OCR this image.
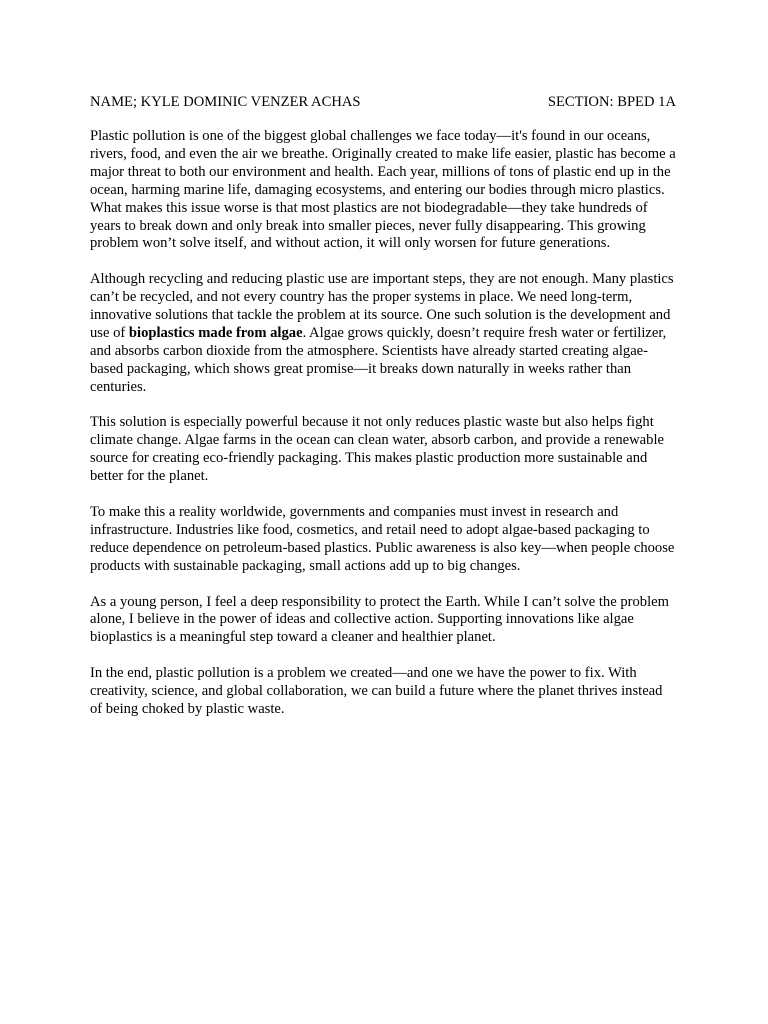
NAME; KYLE DOMINIC VENZER ACHAS	SECTION: BPED 1A

Plastic pollution is one of the biggest global challenges we face today—it's found in our oceans, rivers, food, and even the air we breathe. Originally created to make life easier, plastic has become a major threat to both our environment and health. Each year, millions of tons of plastic end up in the ocean, harming marine life, damaging ecosystems, and entering our bodies through micro plastics. What makes this issue worse is that most plastics are not biodegradable—they take hundreds of years to break down and only break into smaller pieces, never fully disappearing. This growing problem won’t solve itself, and without action, it will only worsen for future generations.

Although recycling and reducing plastic use are important steps, they are not enough. Many plastics can’t be recycled, and not every country has the proper systems in place. We need long-term, innovative solutions that tackle the problem at its source. One such solution is the development and use of bioplastics made from algae. Algae grows quickly, doesn’t require fresh water or fertilizer, and absorbs carbon dioxide from the atmosphere. Scientists have already started creating algae-based packaging, which shows great promise—it breaks down naturally in weeks rather than centuries.

This solution is especially powerful because it not only reduces plastic waste but also helps fight climate change. Algae farms in the ocean can clean water, absorb carbon, and provide a renewable source for creating eco-friendly packaging. This makes plastic production more sustainable and better for the planet.

To make this a reality worldwide, governments and companies must invest in research and infrastructure. Industries like food, cosmetics, and retail need to adopt algae-based packaging to reduce dependence on petroleum-based plastics. Public awareness is also key—when people choose products with sustainable packaging, small actions add up to big changes.

As a young person, I feel a deep responsibility to protect the Earth. While I can’t solve the problem alone, I believe in the power of ideas and collective action. Supporting innovations like algae bioplastics is a meaningful step toward a cleaner and healthier planet.

In the end, plastic pollution is a problem we created—and one we have the power to fix. With creativity, science, and global collaboration, we can build a future where the planet thrives instead of being choked by plastic waste.
